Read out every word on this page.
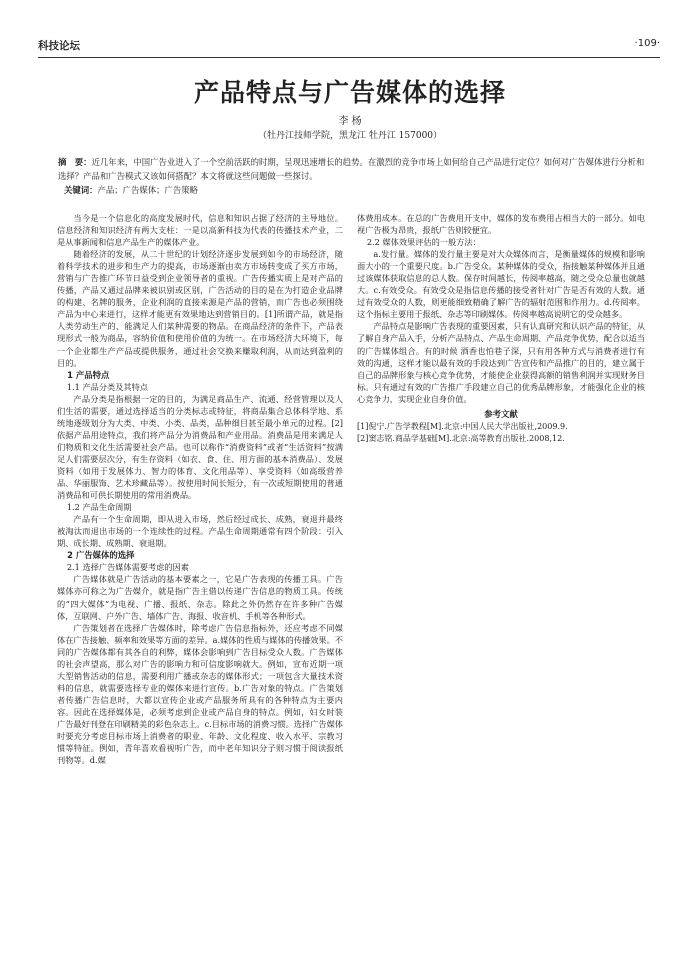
科技论坛	·109·
产品特点与广告媒体的选择
李 杨
（牡丹江技师学院，黑龙江 牡丹江 157000）
摘　要：近几年来，中国广告业进入了一个空前活跃的时期，呈现迅速增长的趋势。在激烈的竞争市场上如何给自己产品进行定位？如何对广告媒体进行分析和选择？产品和广告模式又该如何搭配？本文将就这些问题做一些探讨。
关键词：产品；广告媒体；广告策略

当今是一个信息化的高度发展时代，信息和知识占据了经济的主导地位。信息经济和知识经济有两大支柱：一是以高新科技为代表的传播技术产业，二是从事新闻和信息产品生产的媒体产业。

随着经济的发展，从二十世纪的计划经济逐步发展到如今的市场经济，随着科学技术的进步和生产力的提高，市场逐渐由卖方市场转变成了买方市场，营销与广告推广环节日益受到企业领导者的重视。广告传播实质上是对产品的传播，产品又通过品牌来被识别或区别，广告活动的目的是在为打造企业品牌的构建、名牌的服务，企业利润的直接来源是产品的营销，而广告也必须围绕产品为中心来进行，这样才能更有效果地达到营销目的。[1]所谓产品，就是指人类劳动生产的、能满足人们某种需要的物品。在商品经济的条件下，产品表现形式一般为商品，容纳价值和使用价值的为统一。在市场经济大环境下，每一个企业都生产产品或提供服务，通过社会交换来赚取利润，从而达到盈利的目的。

1 产品特点
1.1 产品分类及其特点

产品分类是指根据一定的目的，为满足商品生产、流通、经营管理以及人们生活的需要，通过选择适当的分类标志或特征，将商品集合总体科学地、系统地逐级划分为大类、中类、小类、品类，品种细目甚至最小单元的过程。[2]依据产品用途特点，我们将产品分为消费品和产业用品。消费品是用来满足人们物质和文化生活需要社会产品。也可以称作“消费资料”或者“生活资料”按满足人们需要层次分，有生存资料（如衣、食、住、用方面的基本消费品）、发展资料（如用于发展体力、智力的体育、文化用品等）、享受资料（如高级营养品、华丽服饰、艺术珍藏品等）。按使用时间长短分，有一次或短期使用的普通消费品和可供长期使用的常用消费品。

1.2 产品生命周期

产品有一个生命周期，即从进入市场，然后经过成长、成熟，衰退并最终被淘汰而退出市场的一个连续性的过程。产品生命周期通常有四个阶段：引入期、成长期、成熟期、衰退期。

2 广告媒体的选择
2.1 选择广告媒体需要考虑的因素

广告媒体就是广告活动的基本要素之一，它是广告表现的传播工具。广告媒体亦可称之为广告媒介，就是指广告主借以传递广告信息的物质工具。传统的“四大媒体”为电视、广播、报纸、杂志。除此之外仍然存在许多种广告媒体，互联网、户外广告、墙体广告、海报、收音机、手机等各种形式。

广告策划者在选择广告媒体时，除考虑广告信息指标外，还应考虑不同媒体在广告接触、频率和效果等方面的差异。a.媒体的性质与媒体的传播效果。不同的广告媒体都有其各自的利弊，媒体会影响到广告目标受众人数。广告媒体的社会声望高，那么对广告的影响力和可信度影响就大。例如，宣布近期一项大型销售活动的信息，需要利用广播或杂志的媒体形式；一项包含大量技术资料的信息，就需要选择专业的媒体来进行宣传。b.广告对象的特点。广告策划者传播广告信息时，大都以宣传企业或产品服务所具有的各种特点为主要内容。因此在选择媒体是，必须考虑到企业或产品自身的特点。例如，妇女时装广告最好刊登在印刷精美的彩色杂志上。c.目标市场的消费习惯。选择广告媒体时要充分考虑目标市场上消费者的职业、年龄、文化程度、收入水平、宗教习惯等特征。例如，青年喜欢看视听广告，而中老年知识分子则习惯于阅读报纸刊物等。d.媒

体费用成本。在总的广告费用开支中，媒体的发布费用占相当大的一部分。如电视广告极为昂贵，报纸广告则较便宜。

2.2 媒体效果评估的一般方法：

a.发行量。媒体的发行量主要是对大众媒体而言，是衡量媒体的规模和影响面大小的一个重要尺度。b.广告受众。某种媒体的受众，指接触某种媒体并且通过该媒体获取信息的总人数。保存时间越长，传阅率越高，随之受众总量也就越大。c.有效受众。有效受众是指信息传播的接受者针对广告是否有效的人数。通过有效受众的人数，则更能细致精确了解广告的辐射范围和作用力。d.传阅率。这个指标主要用于报纸、杂志等印刷媒体。传阅率越高说明它的受众越多。

产品特点是影响广告表现的重要因素，只有认真研究和认识产品的特征，从了解自身产品入手，分析产品特点、产品生命周期、产品竞争优势，配合以适当的广告媒体组合。有的时候 酒香也怕巷子深，只有用各种方式与消费者进行有效的沟通，这样才能以最有效的手段达到广告宣传和产品推广的目的，建立属于自己的品牌形象与核心竞争优势，才能使企业获得高额的销售利润并实现财务目标。只有通过有效的广告推广手段建立自己的优秀品牌形象，才能强化企业的核心竞争力，实现企业自身价值。

参考文献

[1]倪宁.广告学教程[M].北京:中国人民大学出版社,2009.9.

[2]窦志铭.商品学基础[M].北京:高等教育出版社.2008,12.
